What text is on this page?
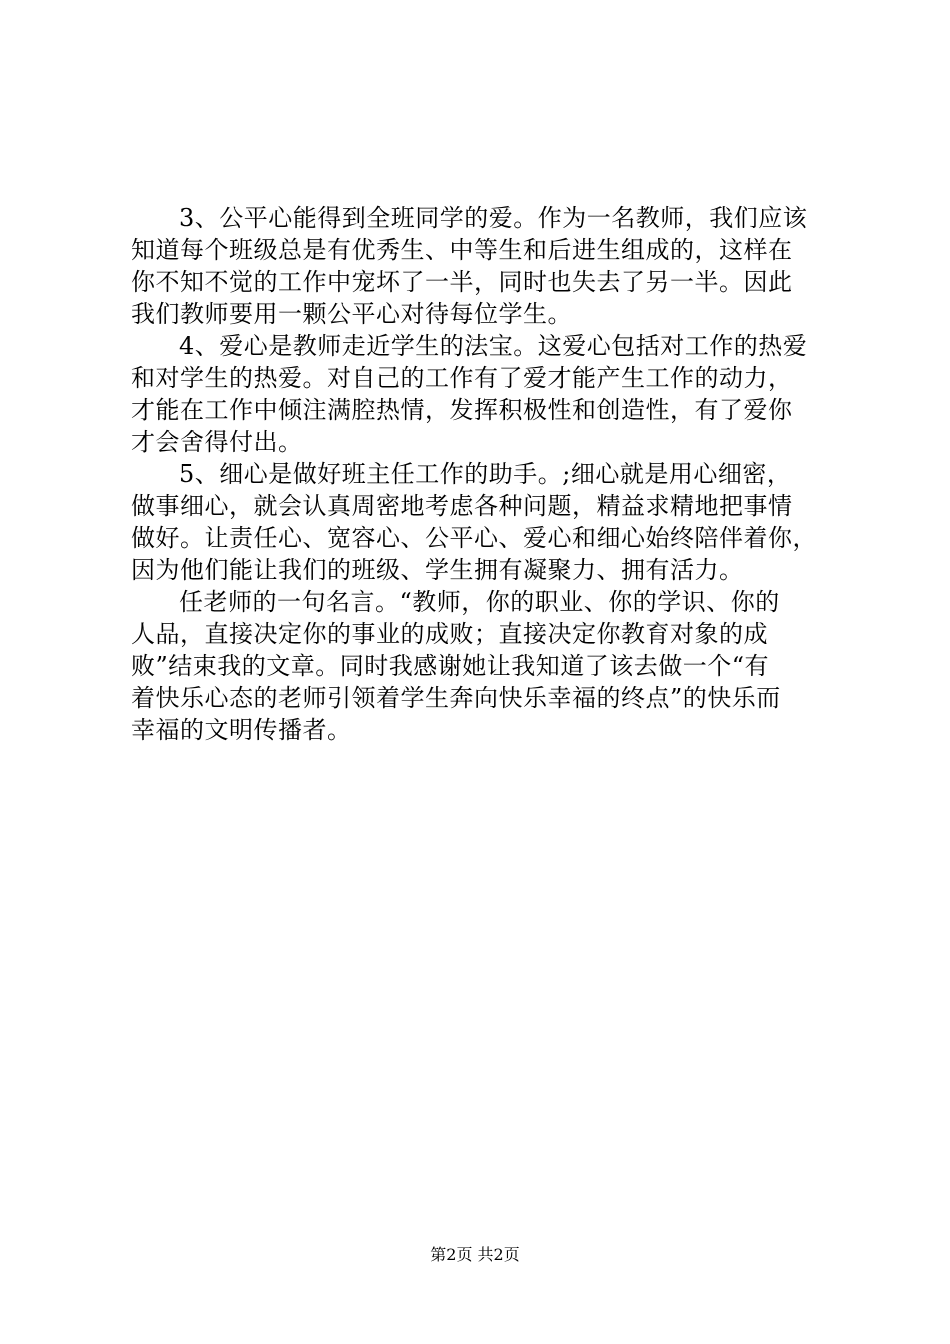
3、公平心能得到全班同学的爱。作为一名教师，我们应该
知道每个班级总是有优秀生、中等生和后进生组成的，这样在
你不知不觉的工作中宠坏了一半，同时也失去了另一半。因此
我们教师要用一颗公平心对待每位学生。
4、爱心是教师走近学生的法宝。这爱心包括对工作的热爱
和对学生的热爱。对自己的工作有了爱才能产生工作的动力，
才能在工作中倾注满腔热情，发挥积极性和创造性，有了爱你
才会舍得付出。
5、细心是做好班主任工作的助手。;细心就是用心细密，
做事细心，就会认真周密地考虑各种问题，精益求精地把事情
做好。让责任心、宽容心、公平心、爱心和细心始终陪伴着你，
因为他们能让我们的班级、学生拥有凝聚力、拥有活力。
任老师的一句名言。“教师，你的职业、你的学识、你的
人品，直接决定你的事业的成败；直接决定你教育对象的成
败”结束我的文章。同时我感谢她让我知道了该去做一个“有
着快乐心态的老师引领着学生奔向快乐幸福的终点”的快乐而
幸福的文明传播者。
第2页 共2页
